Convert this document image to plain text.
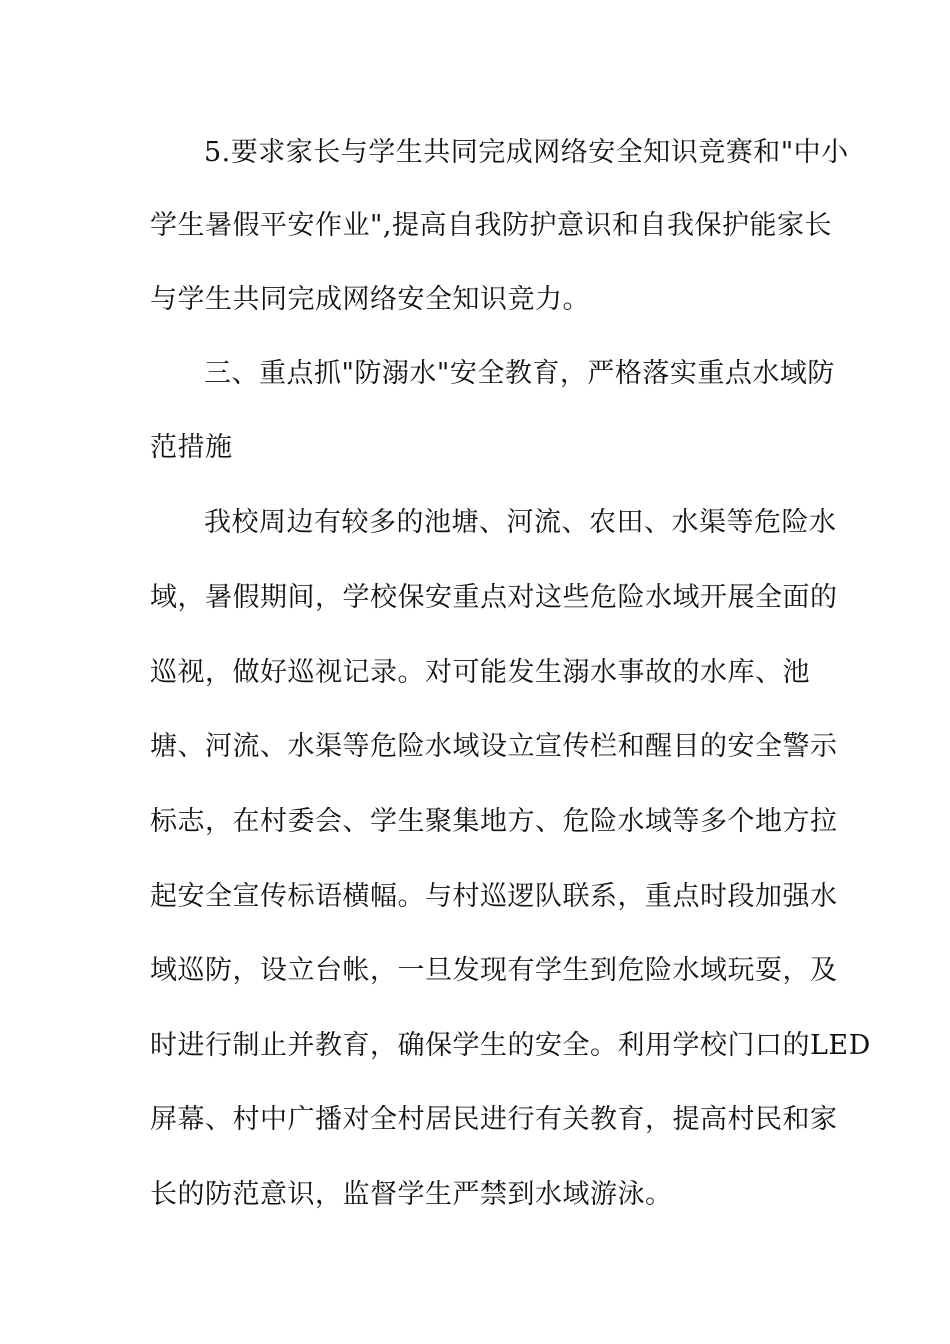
5.要求家长与学生共同完成网络安全知识竞赛和"中小
学生暑假平安作业",提高自我防护意识和自我保护能家长
与学生共同完成网络安全知识竞力。
三、重点抓"防溺水"安全教育，严格落实重点水域防
范措施
我校周边有较多的池塘、河流、农田、水渠等危险水
域，暑假期间，学校保安重点对这些危险水域开展全面的
巡视，做好巡视记录。对可能发生溺水事故的水库、池
塘、河流、水渠等危险水域设立宣传栏和醒目的安全警示
标志，在村委会、学生聚集地方、危险水域等多个地方拉
起安全宣传标语横幅。与村巡逻队联系，重点时段加强水
域巡防，设立台帐，一旦发现有学生到危险水域玩耍，及
时进行制止并教育，确保学生的安全。利用学校门口的LED
屏幕、村中广播对全村居民进行有关教育，提高村民和家
长的防范意识，监督学生严禁到水域游泳。
